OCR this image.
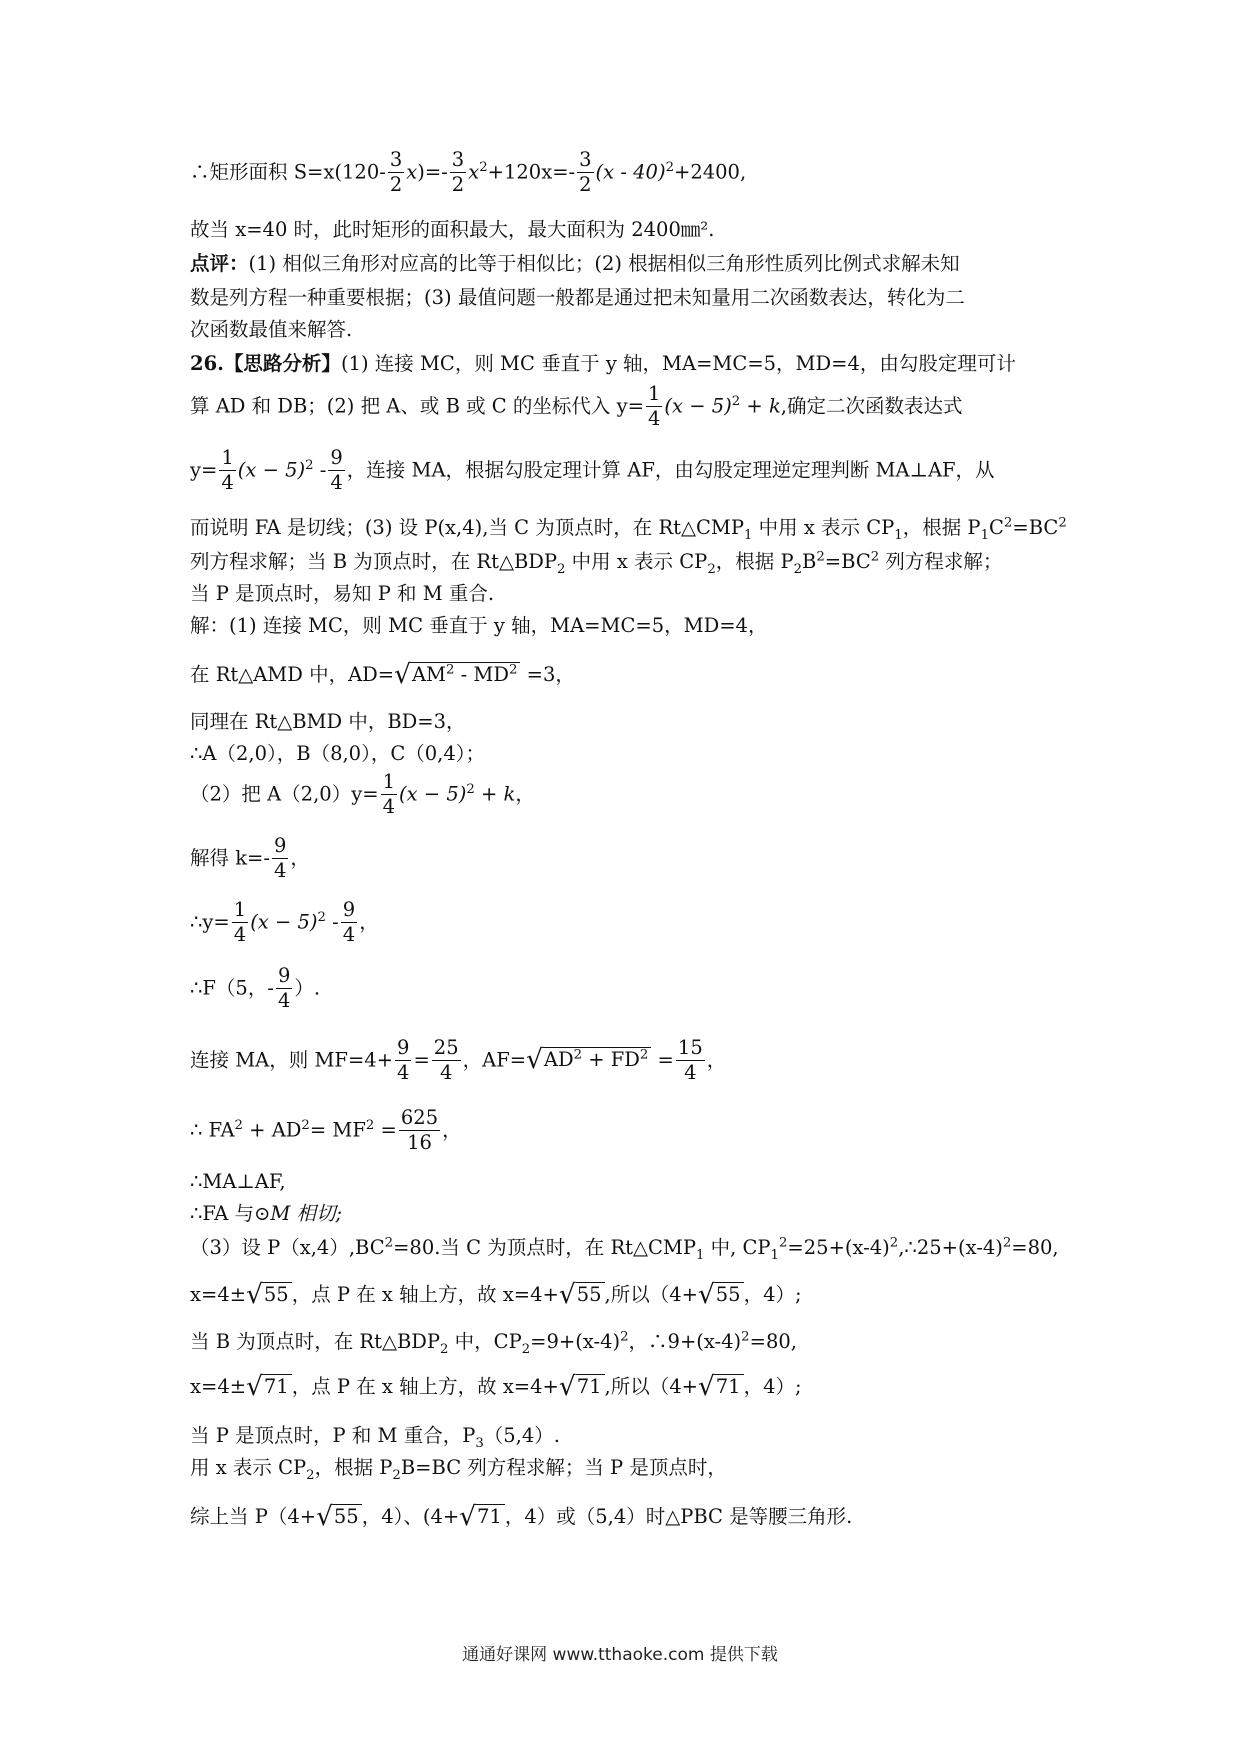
∴矩形面积 $S=x(120- \frac{3}{2} x)=- \frac{3}{2} x^2+120x=- \frac{3}{2} (x - 40)^2+2400$,
故当 x=40 时，此时矩形的面积最大，最大面积为 2400㎜².
点评：(1) 相似三角形对应高的比等于相似比；(2) 根据相似三角形性质列比例式求解未知
数是列方程一种重要根据；(3) 最值问题一般都是通过把未知量用二次函数表达，转化为二
次函数最值来解答.
26.【思路分析】(1) 连接 MC，则 MC 垂直于 y 轴，MA=MC=5，MD=4，由勾股定理可计
算 AD 和 DB；(2) 把 A、或 B 或 C 的坐标代入 $y= \frac{1}{4} (x - 5)^2 + k$,确定二次函数表达式
$y= \frac{1}{4} (x - 5)^2 - \frac{9}{4}$ ，连接 MA，根据勾股定理计算 AF，由勾股定理逆定理判断 MA⊥AF，从
而说明 FA 是切线；(3) 设 P(x,4),当 C 为顶点时，在 $Rt\triangle CMP_1$ 中用 x 表示 $CP_1$，根据 $P_1C^2=BC^2$
列方程求解；当 B 为顶点时，在 $Rt\triangle BDP_2$ 中用 x 表示 $CP_2$，根据 $P_2B^2=BC^2$ 列方程求解；
当 P 是顶点时，易知 P 和 M 重合.
解：(1) 连接 MC，则 MC 垂直于 y 轴，MA=MC=5，MD=4，
在 Rt△AMD 中，$AD=√AM^2 - MD^2 =3$，
同理在 Rt△BMD 中，BD=3，
∴A（2,0），B（8,0），C（0,4）；
（2）把 $A(2,0)y= \frac{1}{4} (x - 5)^2 + k$，
解得 $k=- \frac{9}{4}$ ，
∴y= $\frac{1}{4} (x - 5)^2 - \frac{9}{4}$ ，
∴F（5，- $\frac{9}{4}$ ）.
连接 MA，则 $MF=4+ \frac{9}{4} = \frac{25}{4}$ ，$AF=√AD^2 + FD^2 = \frac{15}{4}$ ，
∴ $FA^2 + AD^2= MF^2 = \frac{625}{16}$ ，
∴MA⊥AF,
∴FA 与⊙M 相切;
（3）设 $P(x,4),BC^2=80$.当 C 为顶点时，在 $Rt\triangle CMP_1$ 中, $CP_1^2=25+(x-4)^2,\therefore 25+(x-4)^2=80$,
x=4±√55 ，点 P 在 x 轴上方，故 x=4+√55 ,所以（4+√55 ，4）;
当 B 为顶点时，在 $Rt\triangle BDP_2$ 中，$CP_2=9+(x-4)^2$，$\therefore 9+(x-4)^2=80$,
x=4±√71 ，点 P 在 x 轴上方，故 x=4+√71 ,所以（4+√71 ，4）;
当 P 是顶点时，P 和 M 重合，$P_3(5,4)$.
用 x 表示 $CP_2$，根据 $P_2B=BC$ 列方程求解；当 P 是顶点时，
综上当 P（4+√55 ，4）、(4+√71 ，4）或（5,4）时△PBC 是等腰三角形.
通通好课网 www.tthaoke.com 提供下载
